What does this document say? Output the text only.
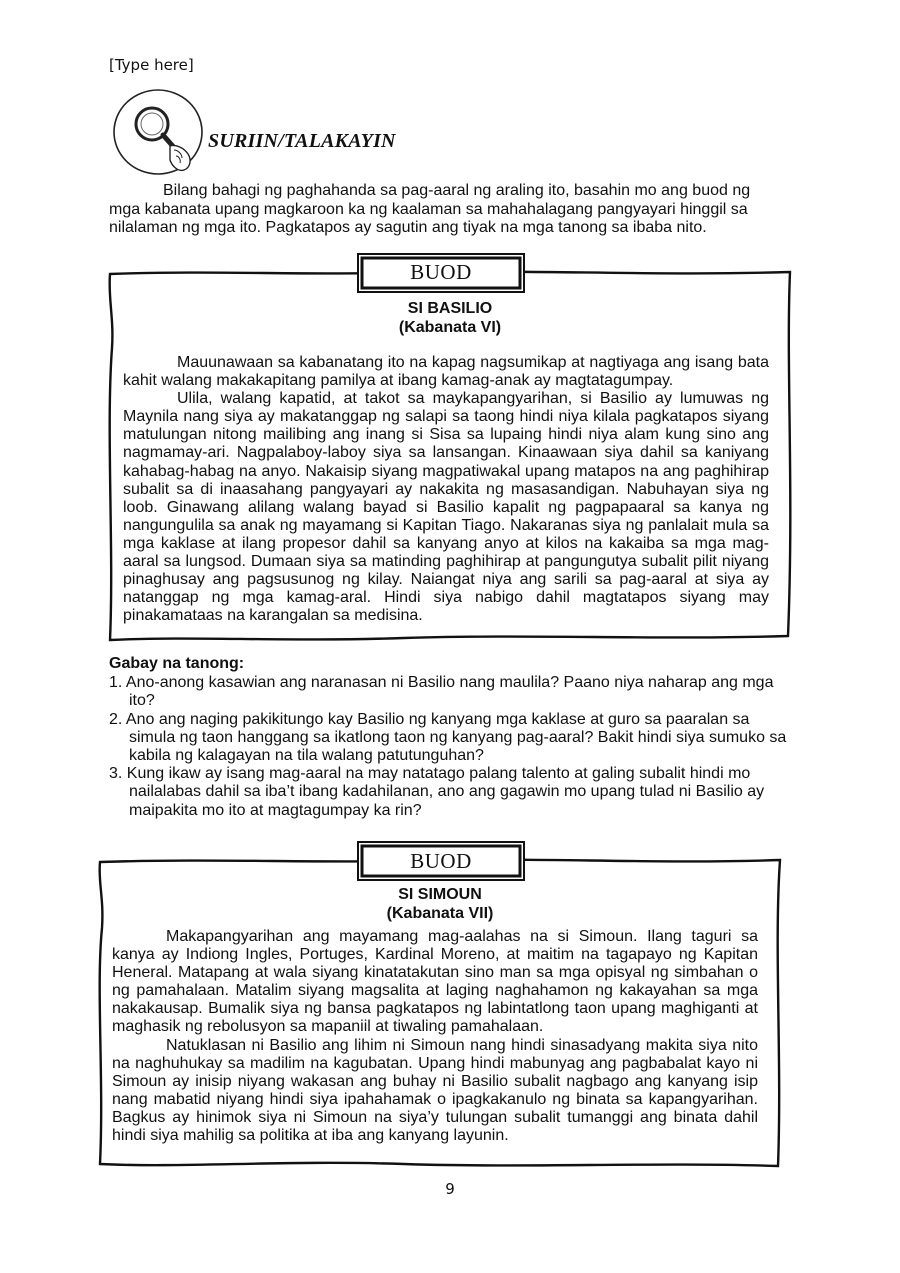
[Type here]
SURIIN/TALAKAYIN
Bilang bahagi ng paghahanda sa pag-aaral ng araling ito, basahin mo ang buod ng mga kabanata upang magkaroon ka ng kaalaman sa mahahalagang pangyayari hinggil sa nilalaman ng mga ito. Pagkatapos ay sagutin ang tiyak na mga tanong sa ibaba nito.
BUOD
SI BASILIO
(Kabanata VI)

Mauunawaan sa kabanatang ito na kapag nagsumikap at nagtiyaga ang isang bata kahit walang makakapitang pamilya at ibang kamag-anak ay magtatagumpay.

Ulila, walang kapatid, at takot sa maykapangyarihan, si Basilio ay lumuwas ng Maynila nang siya ay makatanggap ng salapi sa taong hindi niya kilala pagkatapos siyang matulungan nitong mailibing ang inang si Sisa sa lupaing hindi niya alam kung sino ang nagmamay-ari. Nagpalaboy-laboy siya sa lansangan. Kinaawaan siya dahil sa kaniyang kahabag-habag na anyo. Nakaisip siyang magpatiwakal upang matapos na ang paghihirap subalit sa di inaasahang pangyayari ay nakakita ng masasandigan. Nabuhayan siya ng loob. Ginawang alilang walang bayad si Basilio kapalit ng pagpapaaral sa kanya ng nangungulila sa anak ng mayamang si Kapitan Tiago. Nakaranas siya ng panlalait mula sa mga kaklase at ilang propesor dahil sa kanyang anyo at kilos na kakaiba sa mga mag-aaral sa lungsod. Dumaan siya sa matinding paghihirap at pangungutya subalit pilit niyang pinaghusay ang pagsusunog ng kilay. Naiangat niya ang sarili sa pag-aaral at siya ay natanggap ng mga kamag-aral. Hindi siya nabigo dahil magtatapos siyang may pinakamataas na karangalan sa medisina.

Gabay na tanong:

1. Ano-anong kasawian ang naranasan ni Basilio nang maulila? Paano niya naharap ang mga ito?

2. Ano ang naging pakikitungo kay Basilio ng kanyang mga kaklase at guro sa paaralan sa simula ng taon hanggang sa ikatlong taon ng kanyang pag-aaral? Bakit hindi siya sumuko sa kabila ng kalagayan na tila walang patutunguhan?

3. Kung ikaw ay isang mag-aaral na may natatago palang talento at galing subalit hindi mo nailalabas dahil sa iba’t ibang kadahilanan, ano ang gagawin mo upang tulad ni Basilio ay maipakita mo ito at magtagumpay ka rin?

BUOD
SI SIMOUN
(Kabanata VII)

Makapangyarihan ang mayamang mag-aalahas na si Simoun. Ilang taguri sa kanya ay Indiong Ingles, Portuges, Kardinal Moreno, at maitim na tagapayo ng Kapitan Heneral. Matapang at wala siyang kinatatakutan sino man sa mga opisyal ng simbahan o ng pamahalaan. Matalim siyang magsalita at laging naghahamon ng kakayahan sa mga nakakausap. Bumalik siya ng bansa pagkatapos ng labintatlong taon upang maghiganti at maghasik ng rebolusyon sa mapaniil at tiwaling pamahalaan.

Natuklasan ni Basilio ang lihim ni Simoun nang hindi sinasadyang makita siya nito na naghuhukay sa madilim na kagubatan. Upang hindi mabunyag ang pagbabalat kayo ni Simoun ay inisip niyang wakasan ang buhay ni Basilio subalit nagbago ang kanyang isip nang mabatid niyang hindi siya ipahahamak o ipagkakanulo ng binata sa kapangyarihan. Bagkus ay hinimok siya ni Simoun na siya’y tulungan subalit tumanggi ang binata dahil hindi siya mahilig sa politika at iba ang kanyang layunin.

9
